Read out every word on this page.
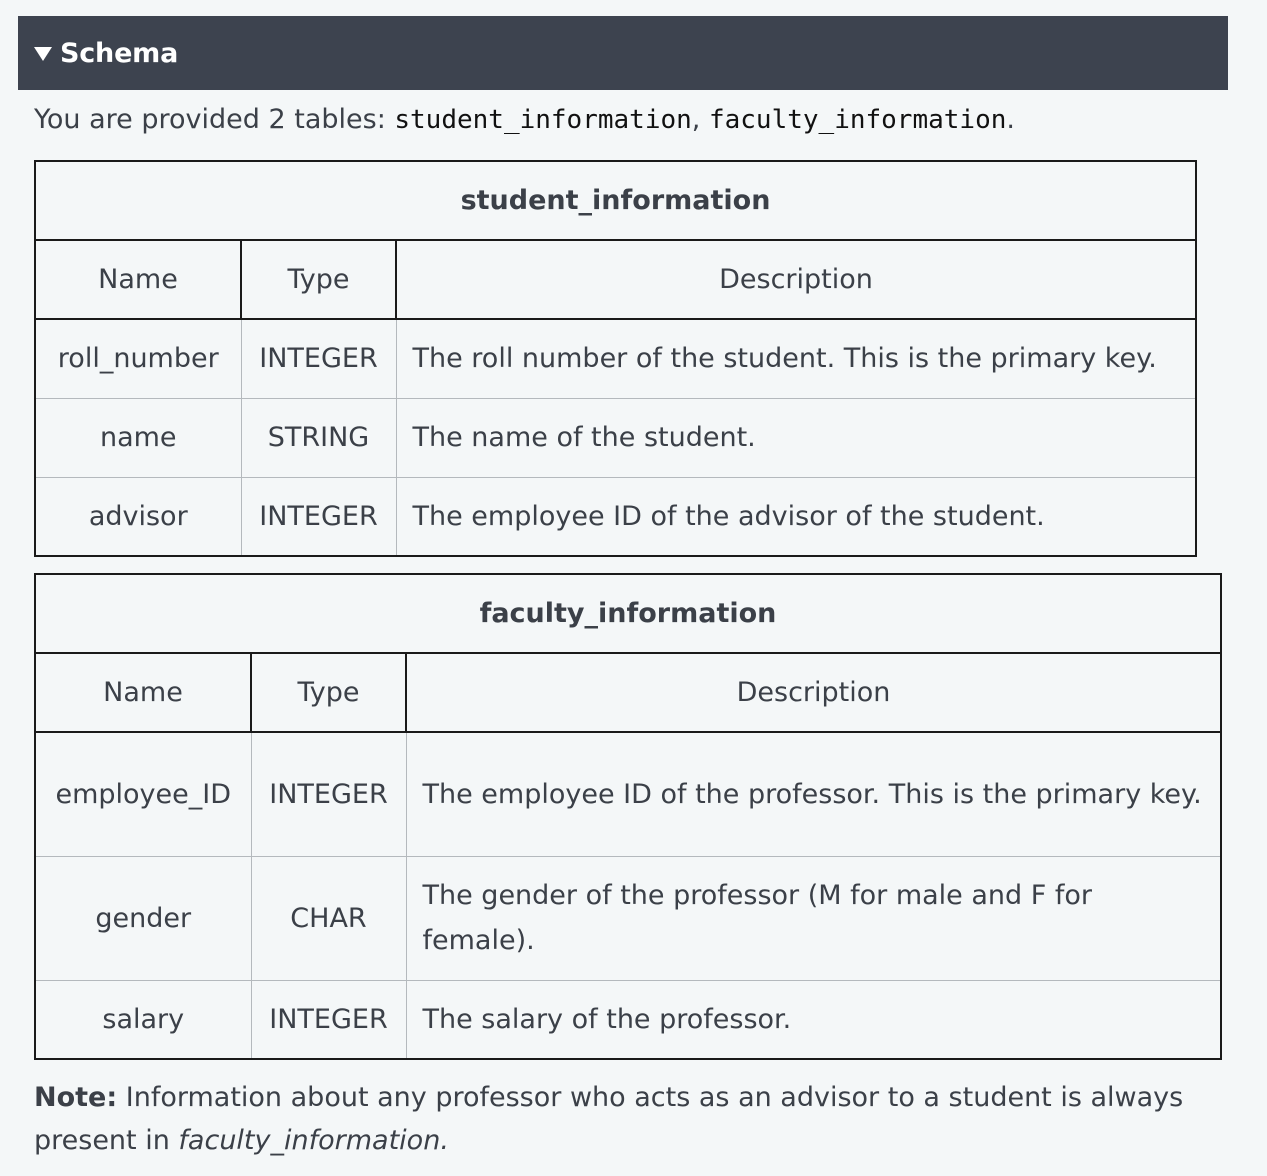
Schema
You are provided 2 tables: student_information, faculty_information.
student_information		
Name	Type	Description
roll_number	INTEGER	The roll number of the student. This is the primary key.
name	STRING	The name of the student.
advisor	INTEGER	The employee ID of the advisor of the student.
faculty_information		
Name	Type	Description
employee_ID	INTEGER	The employee ID of the professor. This is the primary key.
gender	CHAR	The gender of the professor (M for male and F for female).
salary	INTEGER	The salary of the professor.
Note: Information about any professor who acts as an advisor to a student is always present in faculty_information.
